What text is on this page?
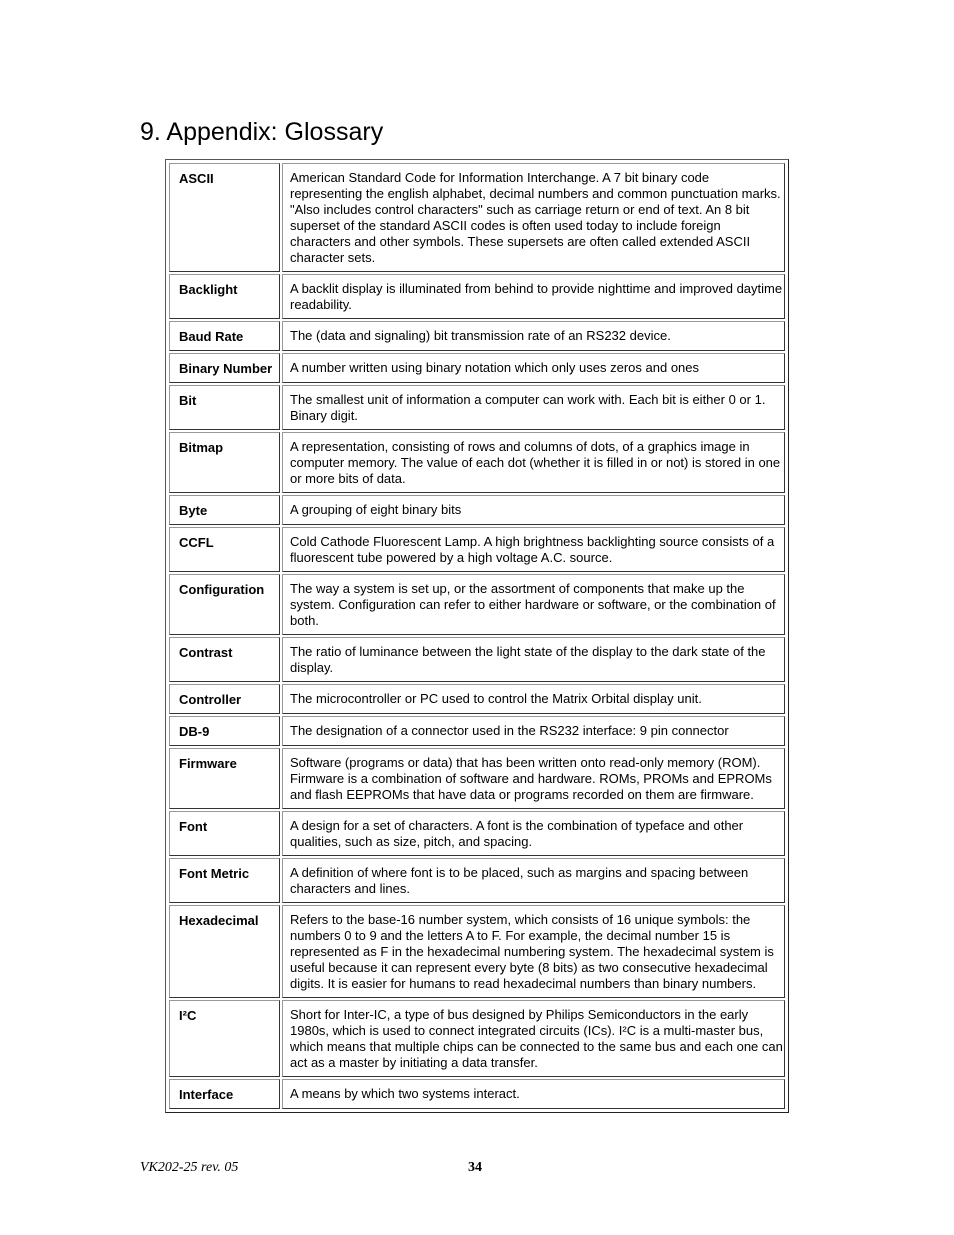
9. Appendix: Glossary
ASCII	American Standard Code for Information Interchange. A 7 bit binary code representing the english alphabet, decimal numbers and common punctuation marks. "Also includes control characters" such as carriage return or end of text. An 8 bit superset of the standard ASCII codes is often used today to include foreign characters and other symbols. These supersets are often called extended ASCII character sets.
Backlight	A backlit display is illuminated from behind to provide nighttime and improved daytime readability.
Baud Rate	The (data and signaling) bit transmission rate of an RS232 device.
Binary Number	A number written using binary notation which only uses zeros and ones
Bit	The smallest unit of information a computer can work with. Each bit is either 0 or 1. Binary digit.
Bitmap	A representation, consisting of rows and columns of dots, of a graphics image in computer memory. The value of each dot (whether it is filled in or not) is stored in one or more bits of data.
Byte	A grouping of eight binary bits
CCFL	Cold Cathode Fluorescent Lamp. A high brightness backlighting source consists of a fluorescent tube powered by a high voltage A.C. source.
Configuration	The way a system is set up, or the assortment of components that make up the system. Configuration can refer to either hardware or software, or the combination of both.
Contrast	The ratio of luminance between the light state of the display to the dark state of the display.
Controller	The microcontroller or PC used to control the Matrix Orbital display unit.
DB-9	The designation of a connector used in the RS232 interface: 9 pin connector
Firmware	Software (programs or data) that has been written onto read-only memory (ROM). Firmware is a combination of software and hardware. ROMs, PROMs and EPROMs and flash EEPROMs that have data or programs recorded on them are firmware.
Font	A design for a set of characters. A font is the combination of typeface and other qualities, such as size, pitch, and spacing.
Font Metric	A definition of where font is to be placed, such as margins and spacing between characters and lines.
Hexadecimal	Refers to the base-16 number system, which consists of 16 unique symbols: the numbers 0 to 9 and the letters A to F. For example, the decimal number 15 is represented as F in the hexadecimal numbering system. The hexadecimal system is useful because it can represent every byte (8 bits) as two consecutive hexadecimal digits. It is easier for humans to read hexadecimal numbers than binary numbers.
I²C	Short for Inter-IC, a type of bus designed by Philips Semiconductors in the early 1980s, which is used to connect integrated circuits (ICs). I²C is a multi-master bus, which means that multiple chips can be connected to the same bus and each one can act as a master by initiating a data transfer.
Interface	A means by which two systems interact.
VK202-25 rev. 05	34
